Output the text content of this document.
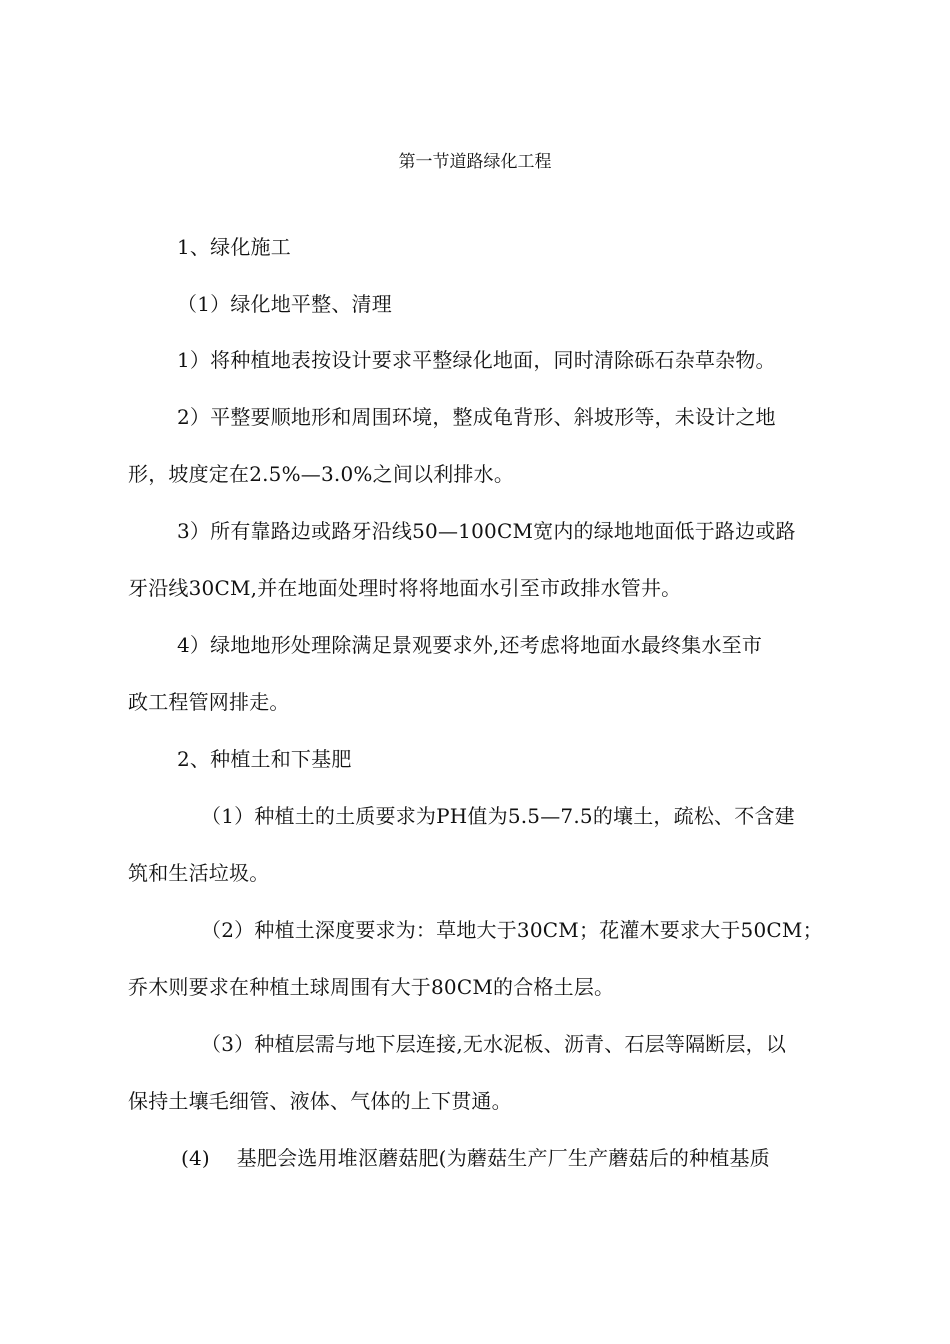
第一节道路绿化工程
1、绿化施工
（1）绿化地平整、清理
1）将种植地表按设计要求平整绿化地面，同时清除砾石杂草杂物。
2）平整要顺地形和周围环境，整成龟背形、斜坡形等，未设计之地
形，坡度定在2.5%—3.0%之间以利排水。
3）所有靠路边或路牙沿线50—100CM宽内的绿地地面低于路边或路
牙沿线30CM,并在地面处理时将将地面水引至市政排水管井。
4）绿地地形处理除满足景观要求外,还考虑将地面水最终集水至市
政工程管网排走。
2、种植土和下基肥
（1）种植土的土质要求为PH值为5.5—7.5的壤土，疏松、不含建
筑和生活垃圾。
（2）种植土深度要求为：草地大于30CM；花灌木要求大于50CM；
乔木则要求在种植土球周围有大于80CM的合格土层。
（3）种植层需与地下层连接,无水泥板、沥青、石层等隔断层，以
保持土壤毛细管、液体、气体的上下贯通。
(4)　 基肥会选用堆沤蘑菇肥(为蘑菇生产厂生产蘑菇后的种植基质
